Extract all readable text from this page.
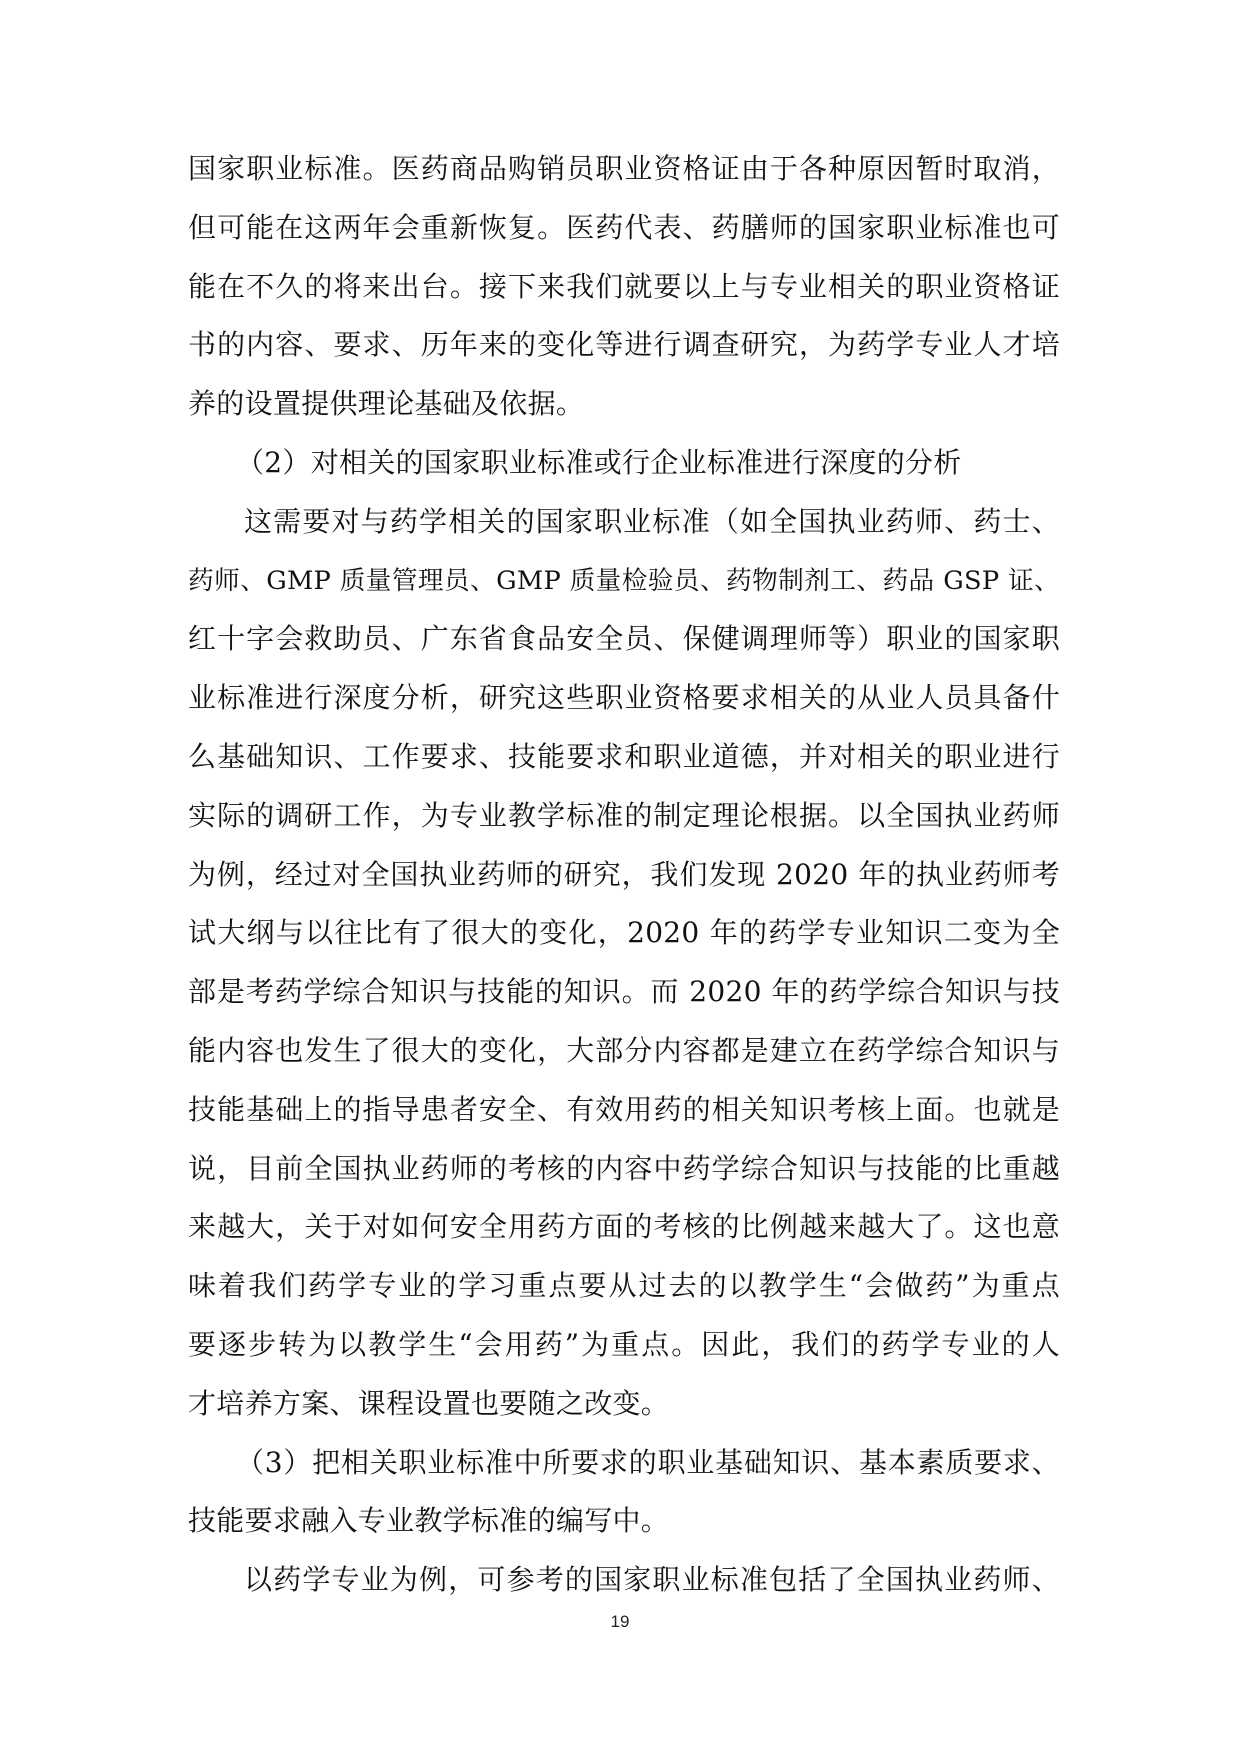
国家职业标准。医药商品购销员职业资格证由于各种原因暂时取消，
但可能在这两年会重新恢复。医药代表、药膳师的国家职业标准也可
能在不久的将来出台。接下来我们就要以上与专业相关的职业资格证
书的内容、要求、历年来的变化等进行调查研究，为药学专业人才培
养的设置提供理论基础及依据。
（2）对相关的国家职业标准或行企业标准进行深度的分析
这需要对与药学相关的国家职业标准（如全国执业药师、药士、
药师、GMP 质量管理员、GMP 质量检验员、药物制剂工、药品 GSP 证、
红十字会救助员、广东省食品安全员、保健调理师等）职业的国家职
业标准进行深度分析，研究这些职业资格要求相关的从业人员具备什
么基础知识、工作要求、技能要求和职业道德，并对相关的职业进行
实际的调研工作，为专业教学标准的制定理论根据。以全国执业药师
为例，经过对全国执业药师的研究，我们发现 2020 年的执业药师考
试大纲与以往比有了很大的变化，2020 年的药学专业知识二变为全
部是考药学综合知识与技能的知识。而 2020 年的药学综合知识与技
能内容也发生了很大的变化，大部分内容都是建立在药学综合知识与
技能基础上的指导患者安全、有效用药的相关知识考核上面。也就是
说，目前全国执业药师的考核的内容中药学综合知识与技能的比重越
来越大，关于对如何安全用药方面的考核的比例越来越大了。这也意
味着我们药学专业的学习重点要从过去的以教学生“会做药”为重点
要逐步转为以教学生“会用药”为重点。因此，我们的药学专业的人
才培养方案、课程设置也要随之改变。
（3）把相关职业标准中所要求的职业基础知识、基本素质要求、
技能要求融入专业教学标准的编写中。
以药学专业为例，可参考的国家职业标准包括了全国执业药师、
19
